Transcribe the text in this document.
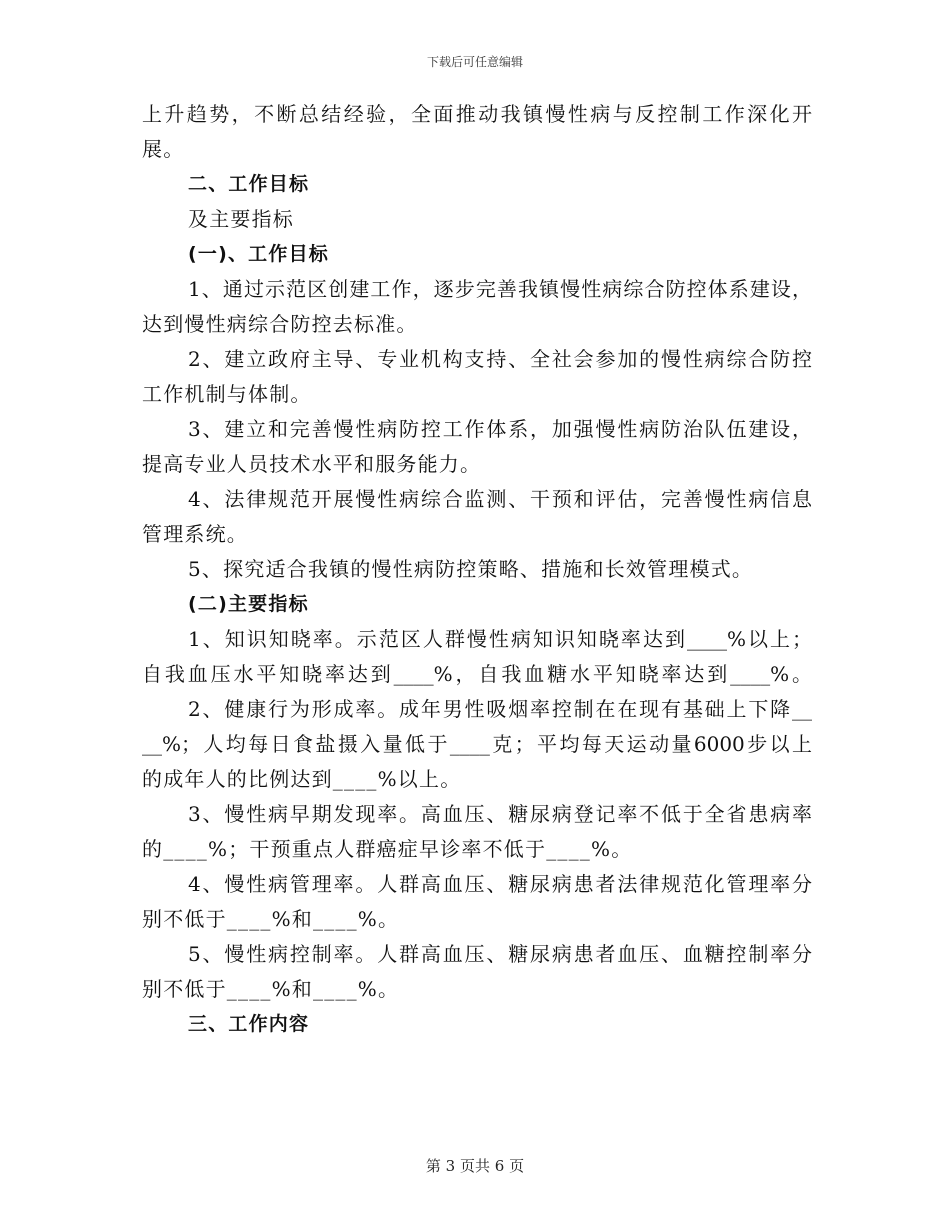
下载后可任意编辑
上升趋势，不断总结经验，全面推动我镇慢性病与反控制工作深化开
展。
二、工作目标
及主要指标
(一)、工作目标
1、通过示范区创建工作，逐步完善我镇慢性病综合防控体系建设，
达到慢性病综合防控去标准。
2、建立政府主导、专业机构支持、全社会参加的慢性病综合防控
工作机制与体制。
3、建立和完善慢性病防控工作体系，加强慢性病防治队伍建设，
提高专业人员技术水平和服务能力。
4、法律规范开展慢性病综合监测、干预和评估，完善慢性病信息
管理系统。
5、探究适合我镇的慢性病防控策略、措施和长效管理模式。
(二)主要指标
1、知识知晓率。示范区人群慢性病知识知晓率达到____%以上；
自我血压水平知晓率达到____%，自我血糖水平知晓率达到____%。
2、健康行为形成率。成年男性吸烟率控制在在现有基础上下降__
__%；人均每日食盐摄入量低于____克；平均每天运动量6000步以上
的成年人的比例达到____%以上。
3、慢性病早期发现率。高血压、糖尿病登记率不低于全省患病率
的____%；干预重点人群癌症早诊率不低于____%。
4、慢性病管理率。人群高血压、糖尿病患者法律规范化管理率分
别不低于____%和____%。
5、慢性病控制率。人群高血压、糖尿病患者血压、血糖控制率分
别不低于____%和____%。
三、工作内容
第 3 页共 6 页
